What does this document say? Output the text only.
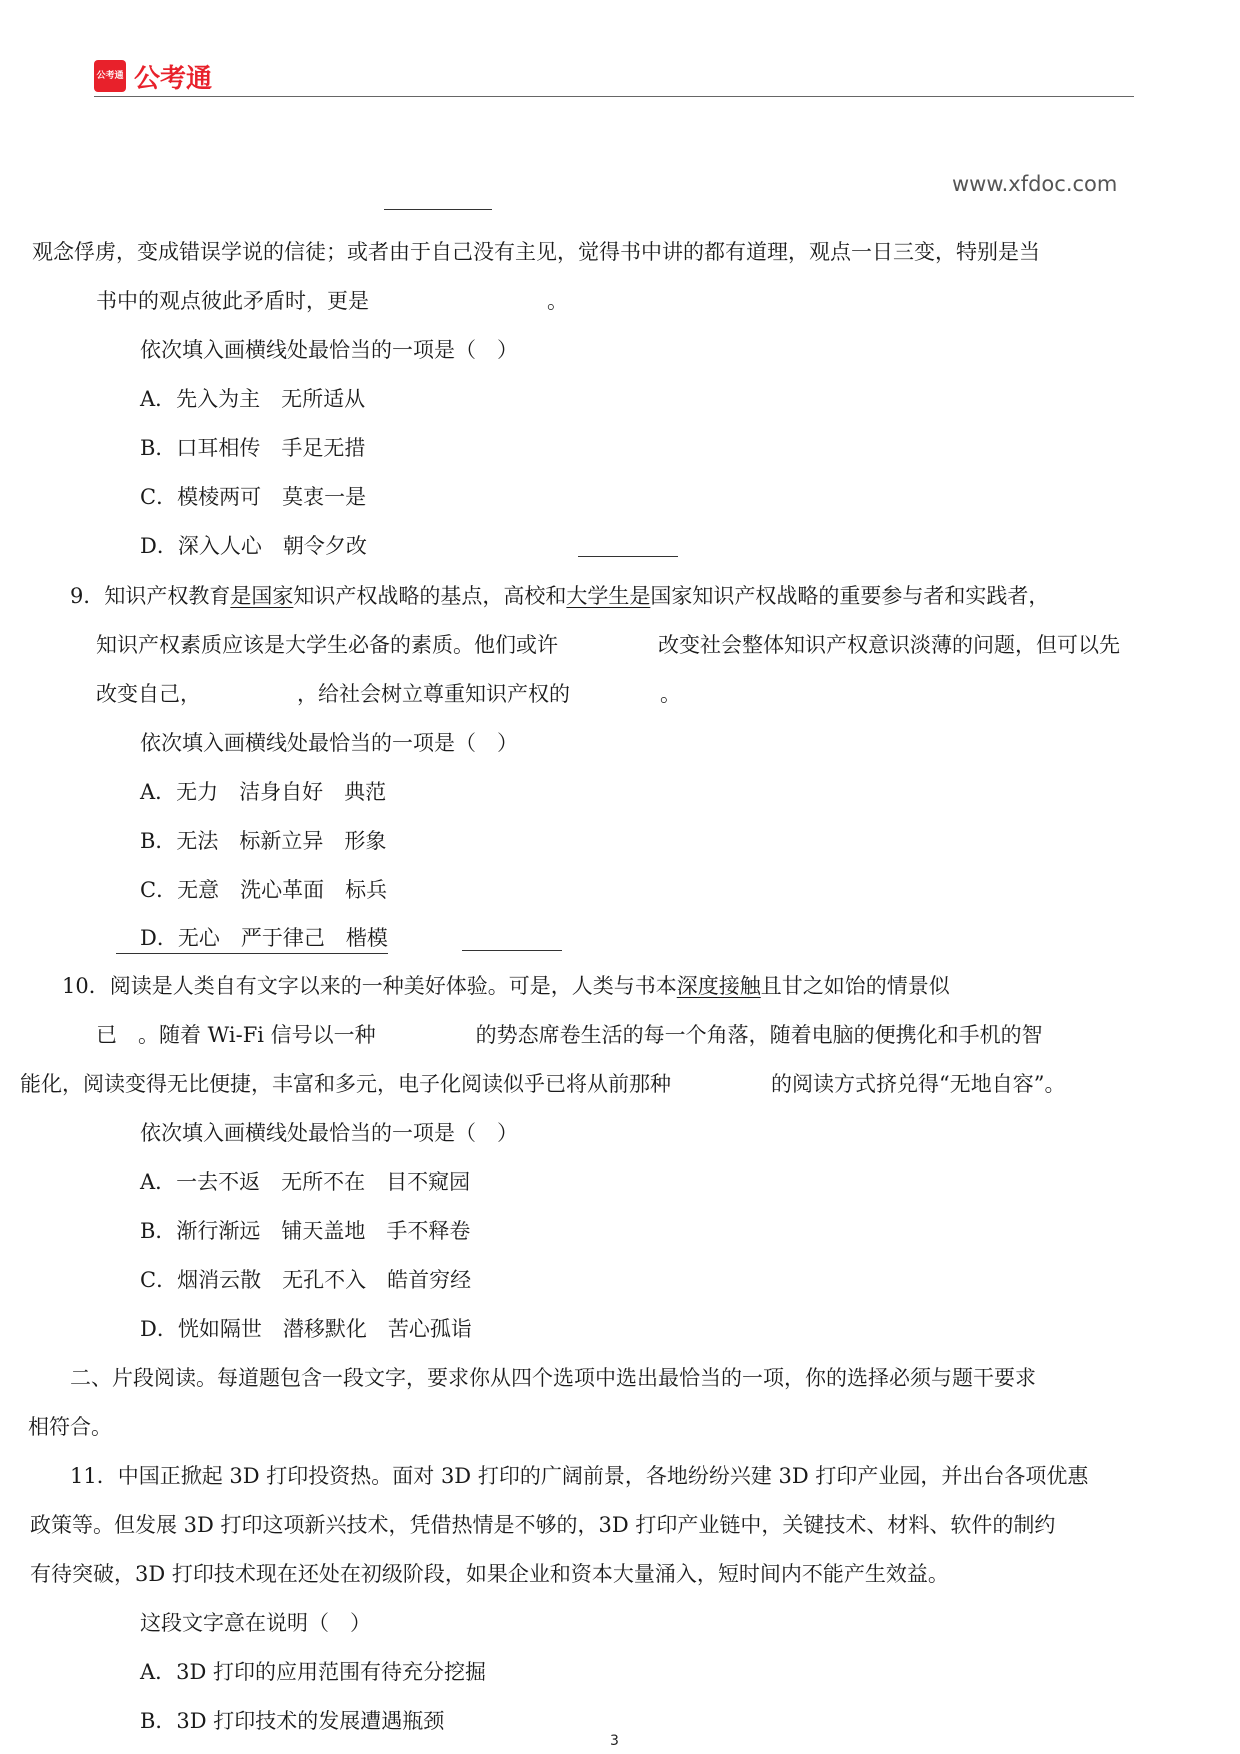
公考通 公考通
www.xfdoc.com
观念俘虏，变成错误学说的信徒；或者由于自己没有主见，觉得书中讲的都有道理，观点一日三变，特别是当
书中的观点彼此矛盾时，更是	。
依次填入画横线处最恰当的一项是（　）
A．先入为主　无所适从
B．口耳相传　手足无措
C．模棱两可　莫衷一是
D．深入人心　朝令夕改
9．知识产权教育是国家知识产权战略的基点，高校和大学生是国家知识产权战略的重要参与者和实践者，
知识产权素质应该是大学生必备的素质。他们或许	改变社会整体知识产权意识淡薄的问题，但可以先
改变自己，	，给社会树立尊重知识产权的	。
依次填入画横线处最恰当的一项是（　）
A．无力　洁身自好　典范
B．无法　标新立异　形象
C．无意　洗心革面　标兵
D．无心　严于律己　楷模
10．阅读是人类自有文字以来的一种美好体验。可是，人类与书本深度接触且甘之如饴的情景似
已　。随着 Wi-Fi 信号以一种	的势态席卷生活的每一个角落，随着电脑的便携化和手机的智
能化，阅读变得无比便捷，丰富和多元，电子化阅读似乎已将从前那种	的阅读方式挤兑得“无地自容”。
依次填入画横线处最恰当的一项是（　）
A．一去不返　无所不在　目不窥园
B．渐行渐远　铺天盖地　手不释卷
C．烟消云散　无孔不入　皓首穷经
D．恍如隔世　潜移默化　苦心孤诣
二、片段阅读。每道题包含一段文字，要求你从四个选项中选出最恰当的一项，你的选择必须与题干要求
相符合。
11．中国正掀起 3D 打印投资热。面对 3D 打印的广阔前景，各地纷纷兴建 3D 打印产业园，并出台各项优惠
政策等。但发展 3D 打印这项新兴技术，凭借热情是不够的，3D 打印产业链中，关键技术、材料、软件的制约
有待突破，3D 打印技术现在还处在初级阶段，如果企业和资本大量涌入，短时间内不能产生效益。
这段文字意在说明（　）
A．3D 打印的应用范围有待充分挖掘
B．3D 打印技术的发展遭遇瓶颈
3
